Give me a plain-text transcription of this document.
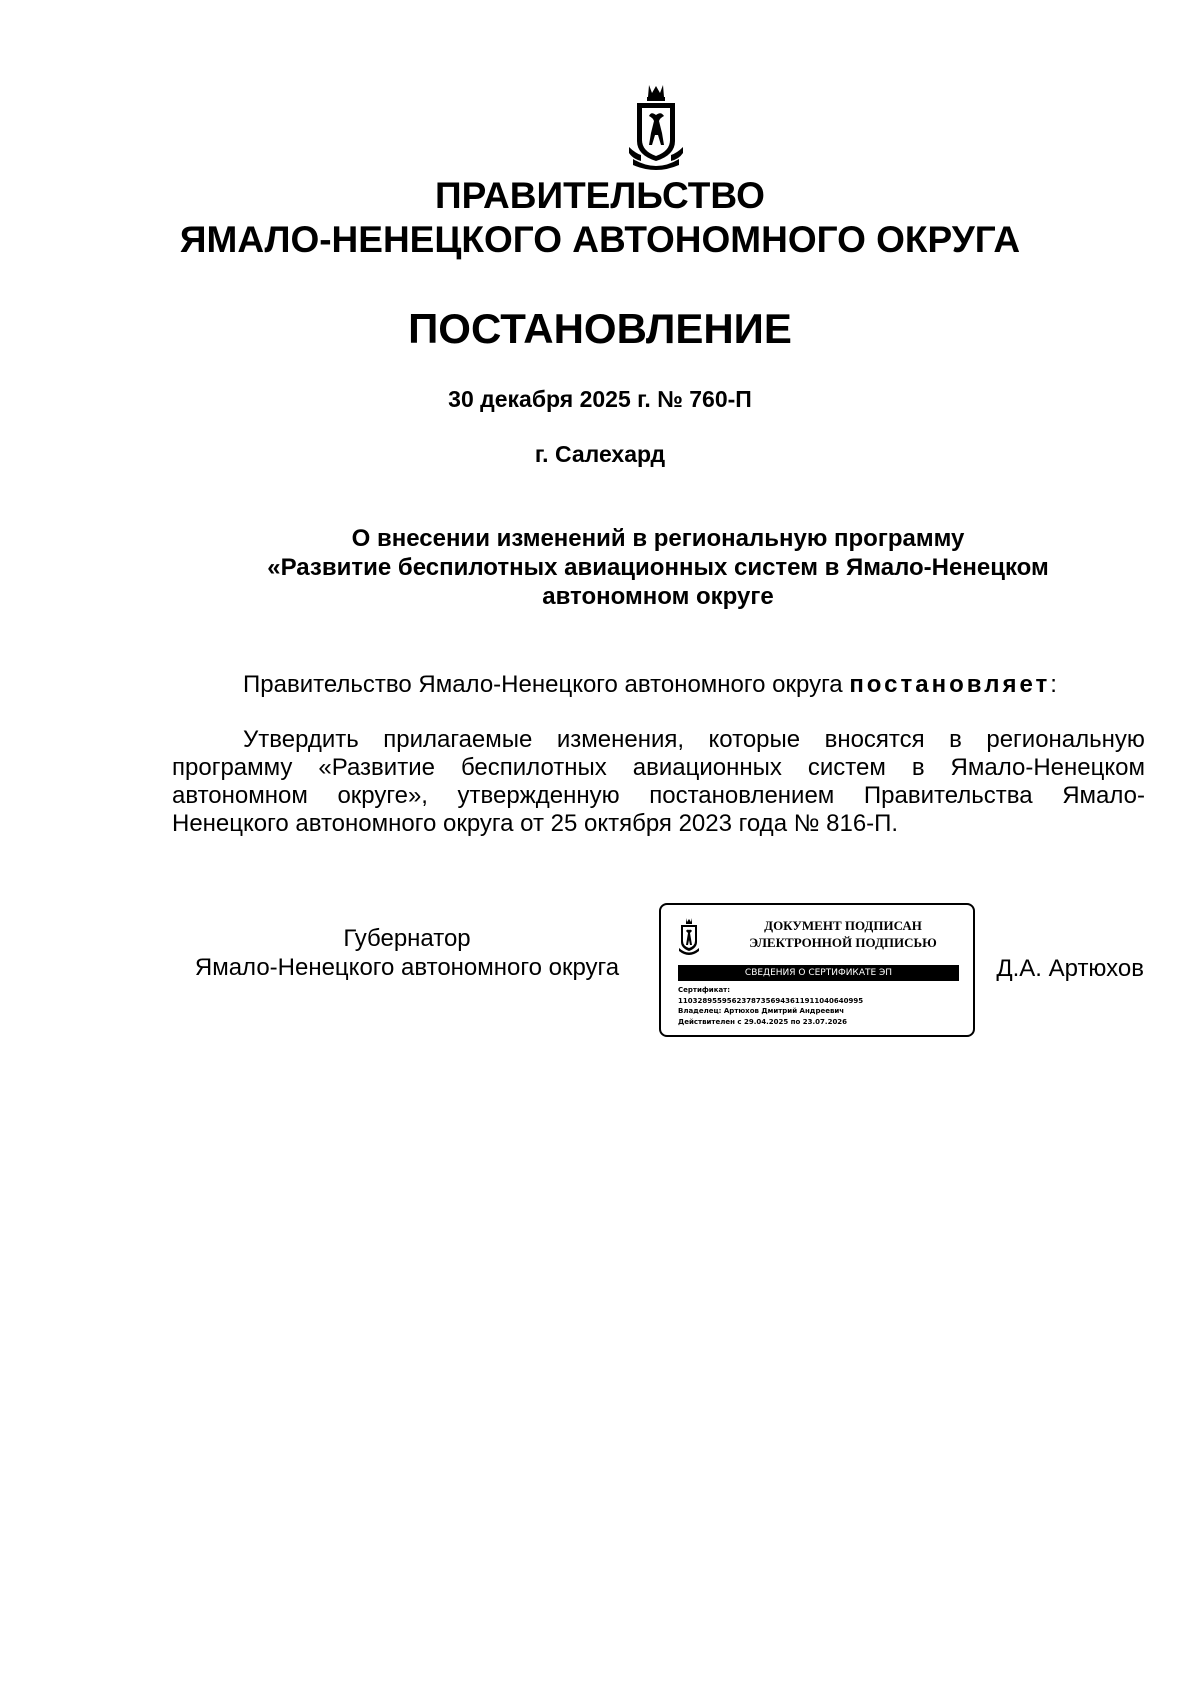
ПРАВИТЕЛЬСТВО
ЯМАЛО-НЕНЕЦКОГО АВТОНОМНОГО ОКРУГА
ПОСТАНОВЛЕНИЕ
30 декабря 2025 г. № 760-П
г. Салехард
О внесении изменений в региональную программу
«Развитие беспилотных авиационных систем в Ямало-Ненецком
автономном округе
Правительство Ямало-Ненецкого автономного округа постановляет:
Утвердить прилагаемые изменения, которые вносятся в региональную
программу «Развитие беспилотных авиационных систем в Ямало-Ненецком
автономном округе», утвержденную постановлением Правительства Ямало-
Ненецкого автономного округа от 25 октября 2023 года № 816-П.
Губернатор
Ямало-Ненецкого автономного округа
ДОКУМЕНТ ПОДПИСАН
ЭЛЕКТРОННОЙ ПОДПИСЬЮ
СВЕДЕНИЯ О СЕРТИФИКАТЕ ЭП
Сертификат:
11032895595623787356943611911040640995
Владелец: Артюхов Дмитрий Андреевич
Действителен с 29.04.2025 по 23.07.2026
Д.А. Артюхов
